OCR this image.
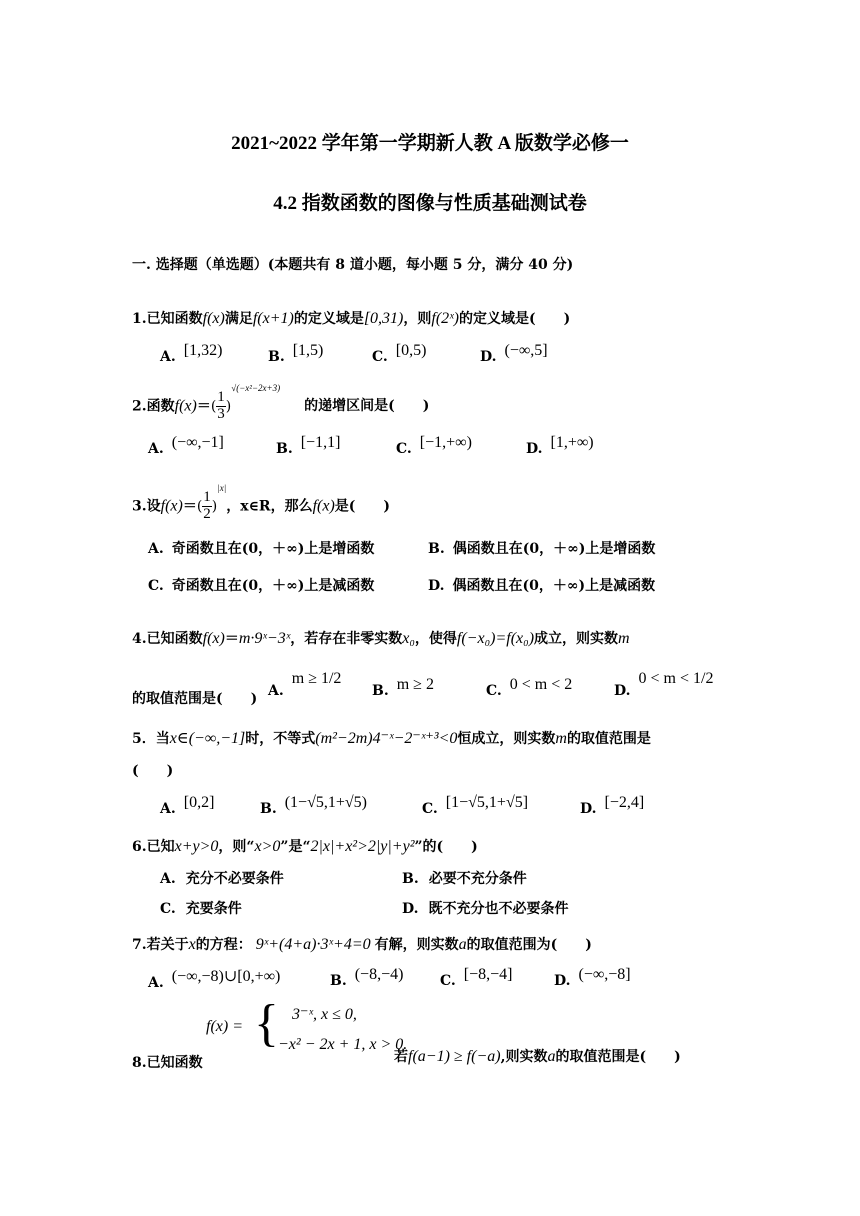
2021~2022 学年第一学期新人教 A 版数学必修一
4.2 指数函数的图像与性质基础测试卷
一. 选择题（单选题）(本题共有 8 道小题，每小题 5 分，满分 40 分)
1.已知函数f(x)满足f(x+1)的定义域是[0,31)，则f(2ˣ)的定义域是(　　)
A. [1,32)	B. [1,5)	C. [0,5)	D. (−∞,5]
2.函数$f(x)=( \frac{1}{3} )^{√(-x^2-2x+3)}$的递增区间是(　　)
A. (−∞,−1]	B. [−1,1]	C. [−1,+∞)	D. [1,+∞)
3.设$f(x)=( \frac{1}{2} )^{|x|}$，x∈R，那么f(x)是(　　)
A. 奇函数且在(0，＋∞)上是增函数	B. 偶函数且在(0，＋∞)上是增函数
C. 奇函数且在(0，＋∞)上是减函数	D. 偶函数且在(0，＋∞)上是减函数
4.已知函数f(x)＝m·9ˣ−3ˣ，若存在非零实数x₀，使得f(−x₀)=f(x₀)成立，则实数m
的取值范围是(　　) A.m ≥ 1/2
B. m ≥ 2	C. 0 < m < 2	D.0 < m < 1/2
5．当x∈(−∞,−1]时，不等式(m²−2m)4⁻ˣ−2⁻ˣ⁺³<0恒成立，则实数m的取值范围是
(　　)
A. [0,2]	B. (1−√5,1+√5)	C. [1−√5,1+√5]	D. [−2,4]
6.已知x+y>0，则“x>0”是“2|x|+x²>2|y|+y²”的(　　)
A. 充分不必要条件	B. 必要不充分条件
C. 充要条件	D. 既不充分也不必要条件
7.若关于x的方程： 9ˣ+(4+a)·3ˣ+4=0 有解，则实数a的取值范围为(　　)
A. (−∞,−8)∪[0,+∞)	B. (−8,−4)	C. [−8,−4]	D. (−∞,−8]
f(x) = { 3⁻ˣ, x ≤ 0,
−x² − 2x + 1, x > 0.
8.已知函数	若f(a−1) ≥ f(−a),则实数a的取值范围是(　　)
